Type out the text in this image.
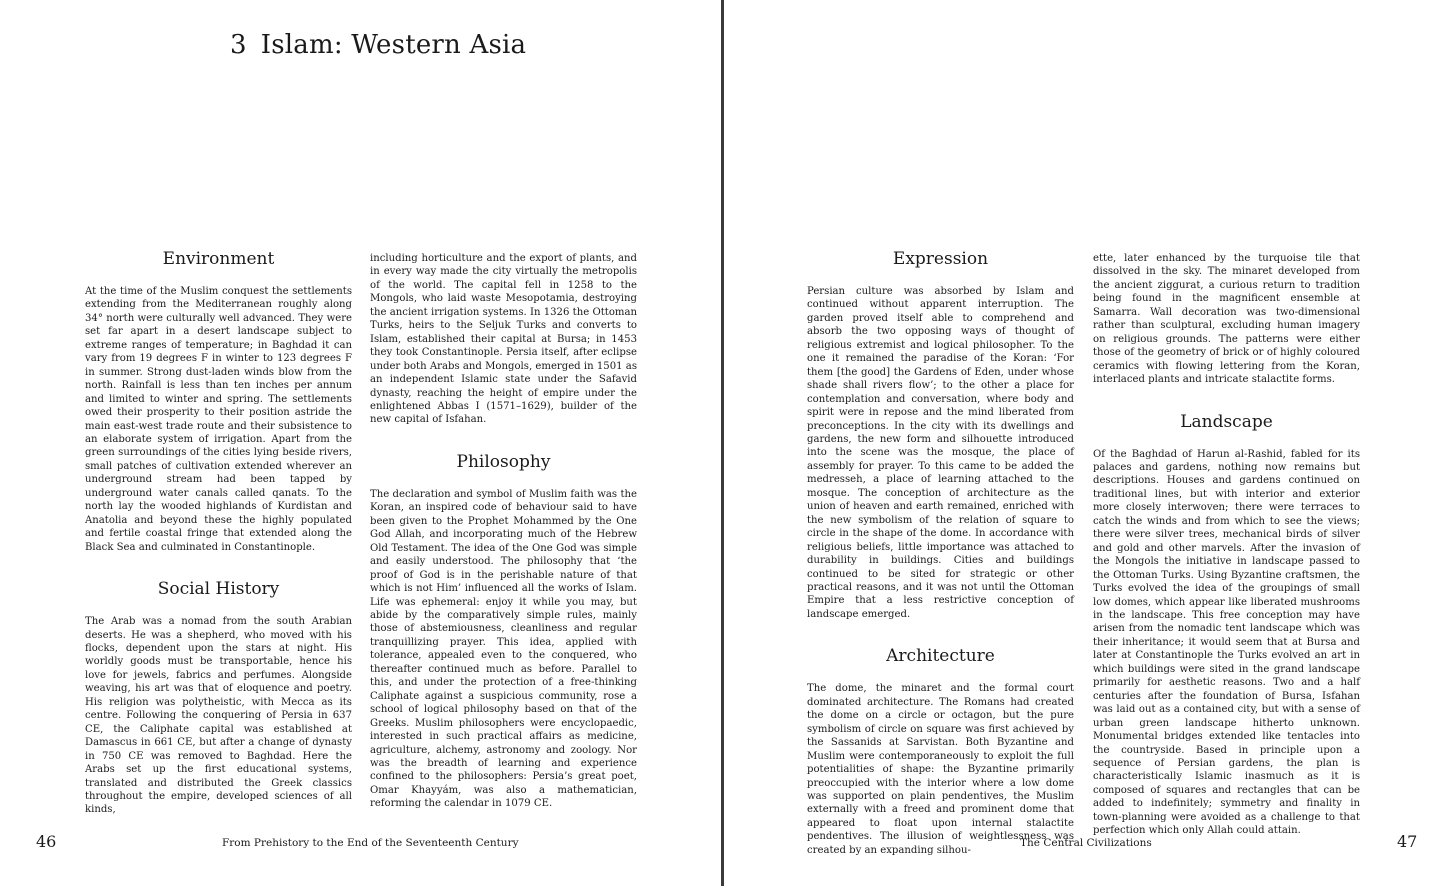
3 Islam: Western Asia
Environment

At the time of the Muslim conquest the settlements extending from the Mediterranean roughly along 34° north were culturally well advanced. They were set far apart in a desert landscape subject to extreme ranges of temperature; in Baghdad it can vary from 19 degrees F in winter to 123 degrees F in summer. Strong dust-laden winds blow from the north. Rainfall is less than ten inches per annum and limited to winter and spring. The settlements owed their prosperity to their position astride the main east-west trade route and their subsistence to an elaborate system of irrigation. Apart from the green surroundings of the cities lying beside rivers, small patches of cultivation extended wherever an underground stream had been tapped by underground water canals called qanats. To the north lay the wooded highlands of Kurdistan and Anatolia and beyond these the highly populated and fertile coastal fringe that extended along the Black Sea and culminated in Constantinople.

Social History

The Arab was a nomad from the south Arabian deserts. He was a shepherd, who moved with his flocks, dependent upon the stars at night. His worldly goods must be transportable, hence his love for jewels, fabrics and perfumes. Alongside weaving, his art was that of eloquence and poetry. His religion was polytheistic, with Mecca as its centre. Following the conquering of Persia in 637 CE, the Caliphate capital was established at Damascus in 661 CE, but after a change of dynasty in 750 CE was removed to Baghdad. Here the Arabs set up the first educational systems, translated and distributed the Greek classics throughout the empire, developed sciences of all kinds,

including horticulture and the export of plants, and in every way made the city virtually the metropolis of the world. The capital fell in 1258 to the Mongols, who laid waste Mesopotamia, destroying the ancient irrigation systems. In 1326 the Ottoman Turks, heirs to the Seljuk Turks and converts to Islam, established their capital at Bursa; in 1453 they took Constantinople. Persia itself, after eclipse under both Arabs and Mongols, emerged in 1501 as an independent Islamic state under the Safavid dynasty, reaching the height of empire under the enlightened Abbas I (1571–1629), builder of the new capital of Isfahan.

Philosophy

The declaration and symbol of Muslim faith was the Koran, an inspired code of behaviour said to have been given to the Prophet Mohammed by the One God Allah, and incorporating much of the Hebrew Old Testament. The idea of the One God was simple and easily understood. The philosophy that ‘the proof of God is in the perishable nature of that which is not Him’ influenced all the works of Islam. Life was ephemeral: enjoy it while you may, but abide by the comparatively simple rules, mainly those of abstemiousness, cleanliness and regular tranquillizing prayer. This idea, applied with tolerance, appealed even to the conquered, who thereafter continued much as before. Parallel to this, and under the protection of a free-thinking Caliphate against a suspicious community, rose a school of logical philosophy based on that of the Greeks. Muslim philosophers were encyclopaedic, interested in such practical affairs as medicine, agriculture, alchemy, astronomy and zoology. Nor was the breadth of learning and experience confined to the philosophers: Persia’s great poet, Omar Khayyám, was also a mathematician, reforming the calendar in 1079 CE.

46	From Prehistory to the End of the Seventeenth Century
Expression

Persian culture was absorbed by Islam and continued without apparent interruption. The garden proved itself able to comprehend and absorb the two opposing ways of thought of religious extremist and logical philosopher. To the one it remained the paradise of the Koran: ‘For them [the good] the Gardens of Eden, under whose shade shall rivers flow’; to the other a place for contemplation and conversation, where body and spirit were in repose and the mind liberated from preconceptions. In the city with its dwellings and gardens, the new form and silhouette introduced into the scene was the mosque, the place of assembly for prayer. To this came to be added the medresseh, a place of learning attached to the mosque. The conception of architecture as the union of heaven and earth remained, enriched with the new symbolism of the relation of square to circle in the shape of the dome. In accordance with religious beliefs, little importance was attached to durability in buildings. Cities and buildings continued to be sited for strategic or other practical reasons, and it was not until the Ottoman Empire that a less restrictive conception of landscape emerged.

Architecture

The dome, the minaret and the formal court dominated architecture. The Romans had created the dome on a circle or octagon, but the pure symbolism of circle on square was first achieved by the Sassanids at Sarvistan. Both Byzantine and Muslim were contemporaneously to exploit the full potentialities of shape: the Byzantine primarily preoccupied with the interior where a low dome was supported on plain pendentives, the Muslim externally with a freed and prominent dome that appeared to float upon internal stalactite pendentives. The illusion of weightlessness was created by an expanding silhou-

ette, later enhanced by the turquoise tile that dissolved in the sky. The minaret developed from the ancient ziggurat, a curious return to tradition being found in the magnificent ensemble at Samarra. Wall decoration was two-dimensional rather than sculptural, excluding human imagery on religious grounds. The patterns were either those of the geometry of brick or of highly coloured ceramics with flowing lettering from the Koran, interlaced plants and intricate stalactite forms.

Landscape

Of the Baghdad of Harun al-Rashid, fabled for its palaces and gardens, nothing now remains but descriptions. Houses and gardens continued on traditional lines, but with interior and exterior more closely interwoven; there were terraces to catch the winds and from which to see the views; there were silver trees, mechanical birds of silver and gold and other marvels. After the invasion of the Mongols the initiative in landscape passed to the Ottoman Turks. Using Byzantine craftsmen, the Turks evolved the idea of the groupings of small low domes, which appear like liberated mushrooms in the landscape. This free conception may have arisen from the nomadic tent landscape which was their inheritance; it would seem that at Bursa and later at Constantinople the Turks evolved an art in which buildings were sited in the grand landscape primarily for aesthetic reasons. Two and a half centuries after the foundation of Bursa, Isfahan was laid out as a contained city, but with a sense of urban green landscape hitherto unknown. Monumental bridges extended like tentacles into the countryside. Based in principle upon a sequence of Persian gardens, the plan is characteristically Islamic inasmuch as it is composed of squares and rectangles that can be added to indefinitely; symmetry and finality in town-planning were avoided as a challenge to that perfection which only Allah could attain.

The Central Civilizations	47
